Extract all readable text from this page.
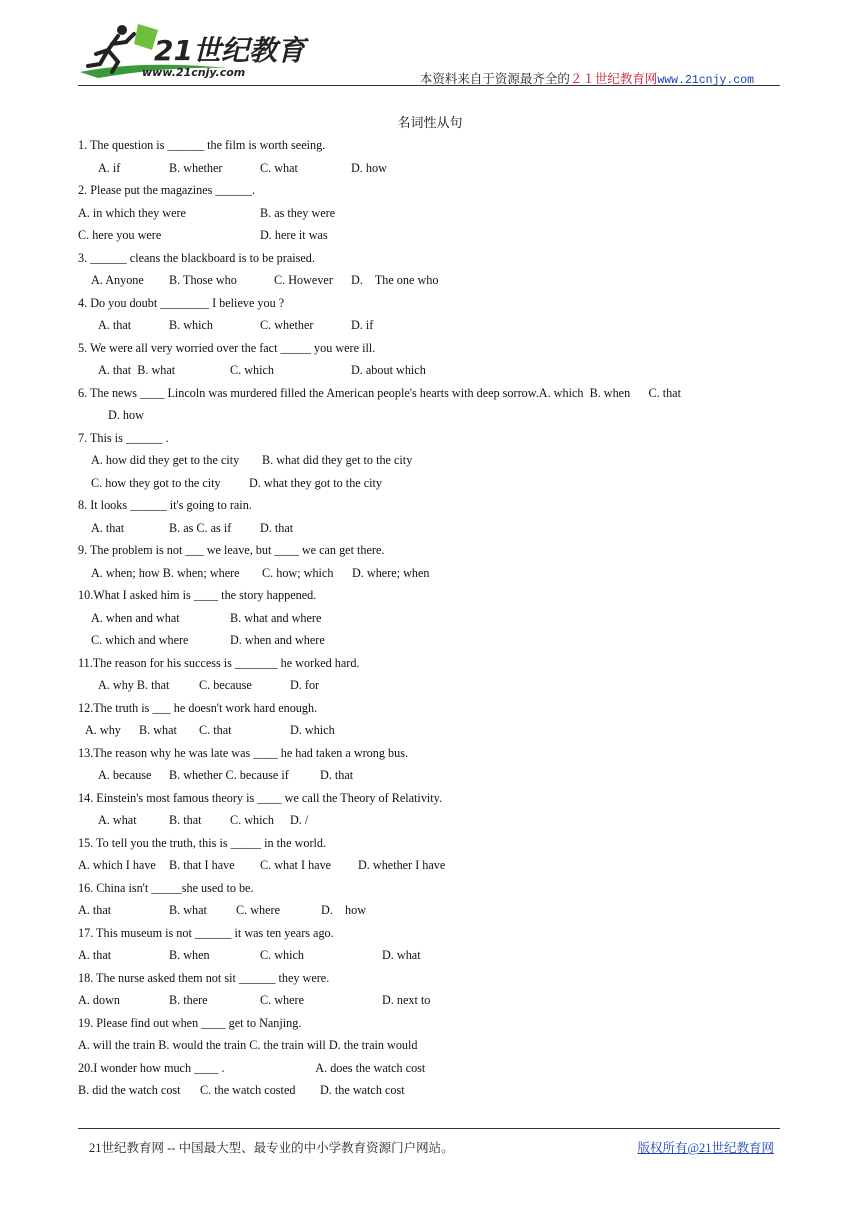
21世纪教育
www.21cnjy.com	本资料来自于资源最齐全的２１世纪教育网www.21cnjy.com
名词性从句
1. The question is ______ the film is worth seeing.
A. if	B. whether	C. what	D. how
2. Please put the magazines ______.
A. in which they were	B. as they were
C. here you were	D. here it was
3. ______ cleans the blackboard is to be praised.
A. Anyone B. Those who	C. However D.    The one who
4. Do you doubt ________ I believe you ?
A. that	B. which	C. whether	D. if
5. We were all very worried over the fact _____ you were ill.
A. that  B. what	C. which	D. about which
6. The news ____ Lincoln was murdered filled the American people's hearts with deep sorrow.A. which  B. when      C. that
D. how
7. This is ______ .
A. how did they get to the city B. what did they get to the city
C. how they got to the city D. what they got to the city
8. It looks ______ it's going to rain.
A. that	B. as C. as if D. that
9. The problem is not ___ we leave, but ____ we can get there.
A. when; how B. when; where C. how; which D. where; when
10.What I asked him is ____ the story happened.
A. when and what	B. what and where
C. which and where	D. when and where
11.The reason for his success is _______ he worked hard.
A. why B. that C. because	D. for
12.The truth is ___ he doesn't work hard enough.
A. why B. what C. that	D. which
13.The reason why he was late was ____ he had taken a wrong bus.
A. because B. whether C. because if	D. that
14. Einstein's most famous theory is ____ we call the Theory of Relativity.
A. what	B. that C. which D. /
15. To tell you the truth, this is _____ in the world.
A. which I have B. that I have C. what I have D. whether I have
16. China isn't _____she used to be.
A. that	B. what C. where	D.    how
17. This museum is not ______ it was ten years ago.
A. that	B. when	C. which	D. what
18. The nurse asked them not sit ______ they were.
A. down	B. there	C. where	D. next to
19. Please find out when ____ get to Nanjing.
A. will the train B. would the train C. the train will D. the train would
20.I wonder how much ____ .                              A. does the watch cost
B. did the watch cost C. the watch costed D. the watch cost
21世纪教育网 -- 中国最大型、最专业的中小学教育资源门户网站。	版权所有@21世纪教育网
